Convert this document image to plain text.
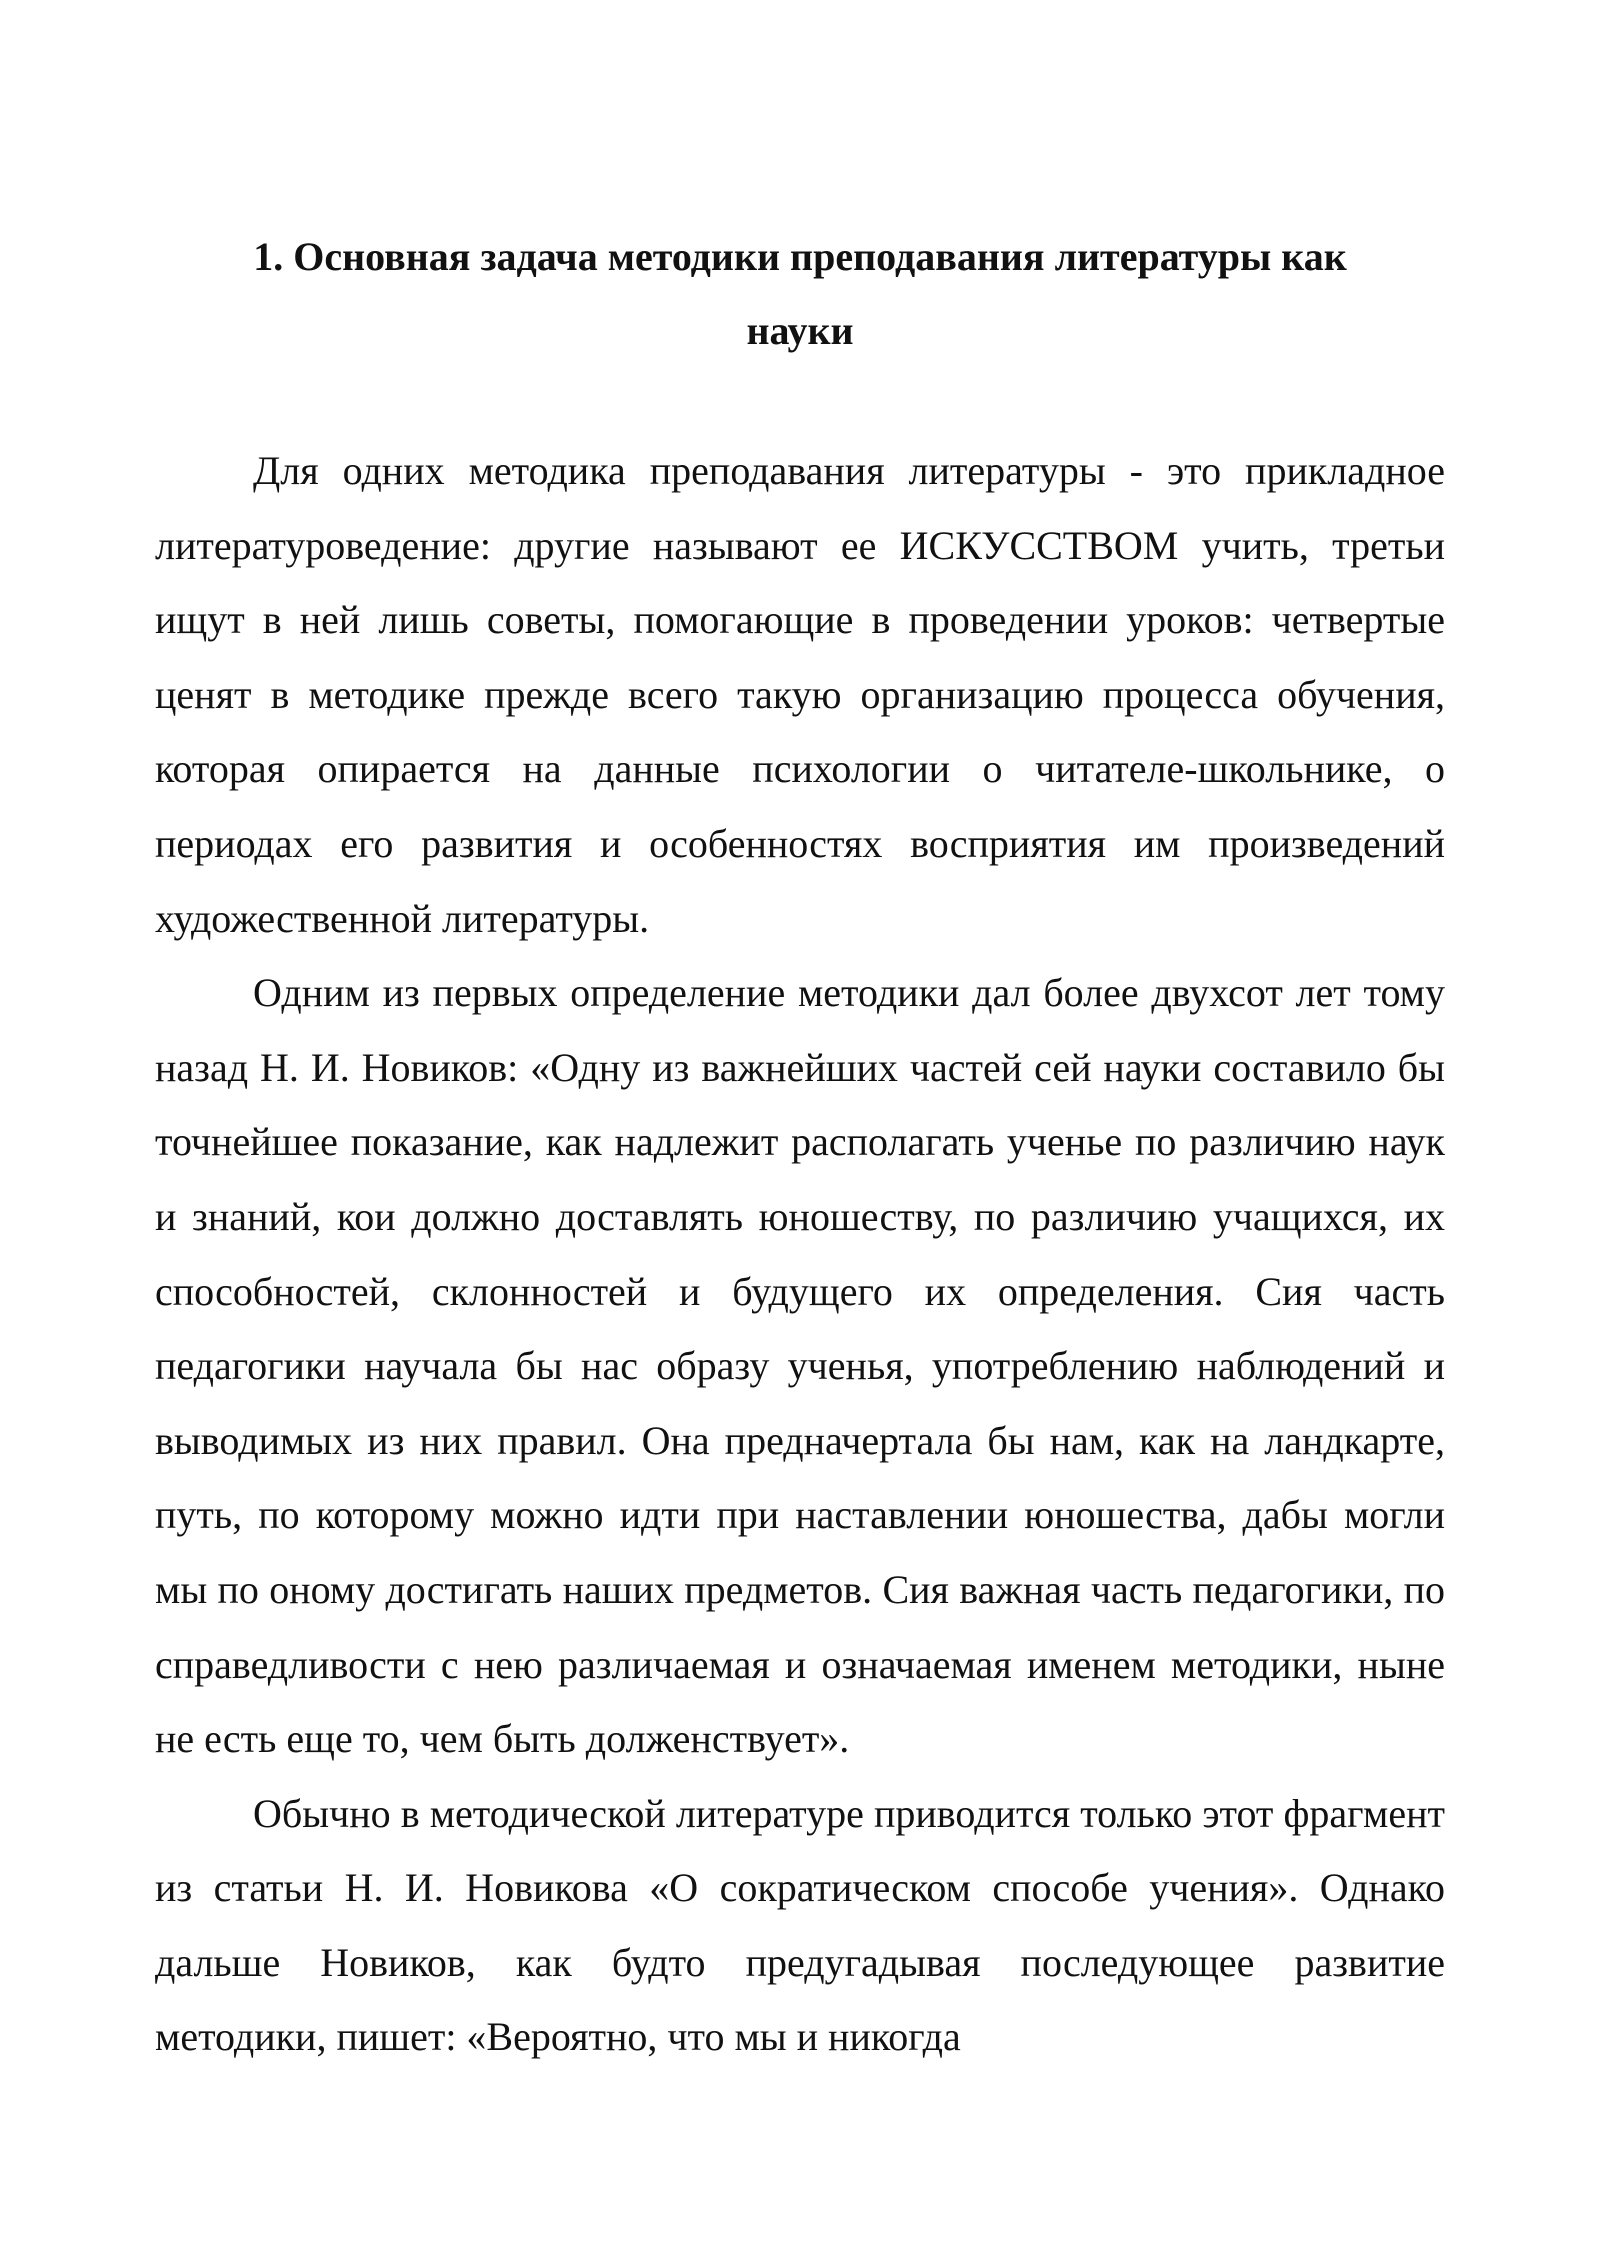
1. Основная задача методики преподавания литературы как науки

Для одних методика преподавания литературы - это прикладное литературоведение: другие называют ее ИСКУССТВОМ учить, третьи ищут в ней лишь советы, помогающие в проведении уроков: четвертые ценят в методике прежде всего такую организацию процесса обучения, которая опирается на данные психологии о читателе-школьнике, о периодах его развития и особенностях восприятия им произведений художественной литературы.

Одним из первых определение методики дал более двухсот лет тому назад Н. И. Новиков: «Одну из важнейших частей сей науки составило бы точнейшее показание, как надлежит располагать ученье по различию наук и знаний, кои должно доставлять юношеству, по различию учащихся, их способностей, склонностей и будущего их определения. Сия часть педагогики научала бы нас образу ученья, употреблению наблюдений и выводимых из них правил. Она предначертала бы нам, как на ландкарте, путь, по которому можно идти при наставлении юношества, дабы могли мы по оному достигать наших предметов. Сия важная часть педагогики, по справедливости с нею различаемая и означаемая именем методики, ныне не есть еще то, чем быть долженствует».

Обычно в методической литературе приводится только этот фрагмент из статьи Н. И. Новикова «О сократическом способе учения». Однако дальше Новиков, как будто предугадывая последующее развитие методики, пишет: «Вероятно, что мы и никогда
